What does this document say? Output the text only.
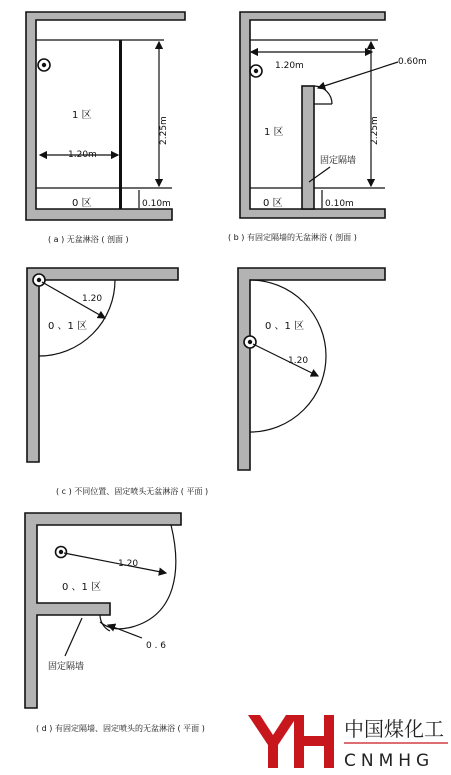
1 区
1.20m
2.25m
0 区	0.10m
( a ) 无盆淋浴 ( 剖面 )
1.20m	0.60m
1 区	2.25m
固定隔墙
0 区	0.10m
( b ) 有固定隔墙的无盆淋浴 ( 剖面 )
1.20
0 、1 区
1.20
0 、1 区
( c ) 不同位置、固定喷头无盆淋浴 ( 平面 )
1.20
0 、1 区
0 . 6
固定隔墙
( d ) 有固定隔墙、固定喷头的无盆淋浴 ( 平面 )	中国煤化工
CNMHG
